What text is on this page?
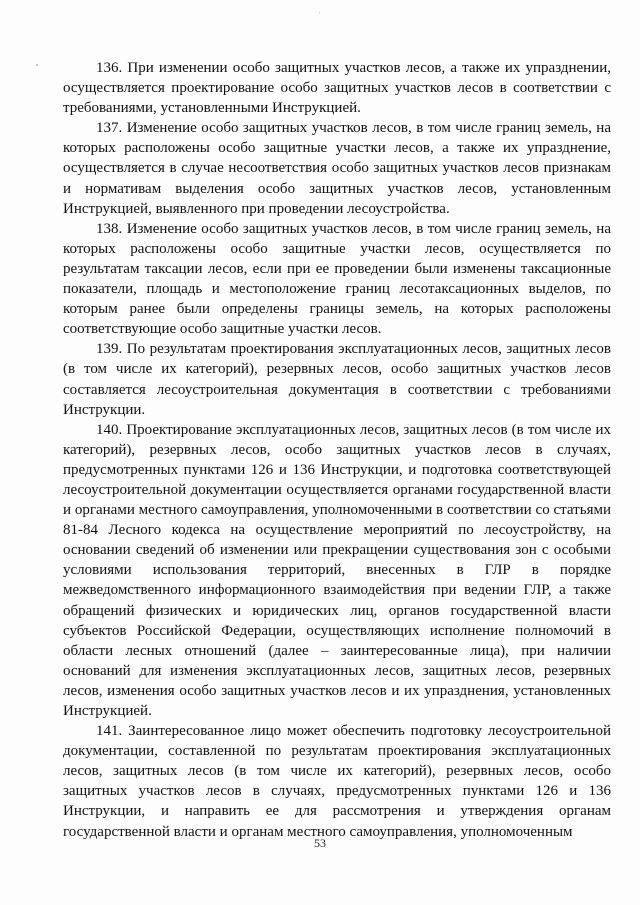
136. При изменении особо защитных участков лесов, а также их упразднении, осуществляется проектирование особо защитных участков лесов в соответствии с требованиями, установленными Инструкцией.

137. Изменение особо защитных участков лесов, в том числе границ земель, на которых расположены особо защитные участки лесов, а также их упразднение, осуществляется в случае несоответствия особо защитных участков лесов признакам и нормативам выделения особо защитных участков лесов, установленным Инструкцией, выявленного при проведении лесоустройства.

138. Изменение особо защитных участков лесов, в том числе границ земель, на которых расположены особо защитные участки лесов, осуществляется по результатам таксации лесов, если при ее проведении были изменены таксационные показатели, площадь и местоположение границ лесотаксационных выделов, по которым ранее были определены границы земель, на которых расположены соответствующие особо защитные участки лесов.

139. По результатам проектирования эксплуатационных лесов, защитных лесов (в том числе их категорий), резервных лесов, особо защитных участков лесов составляется лесоустроительная документация в соответствии с требованиями Инструкции.

140. Проектирование эксплуатационных лесов, защитных лесов (в том числе их категорий), резервных лесов, особо защитных участков лесов в случаях, предусмотренных пунктами 126 и 136 Инструкции, и подготовка соответствующей лесоустроительной документации осуществляется органами государственной власти и органами местного самоуправления, уполномоченными в соответствии со статьями 81-84 Лесного кодекса на осуществление мероприятий по лесоустройству, на основании сведений об изменении или прекращении существования зон с особыми условиями использования территорий, внесенных в ГЛР в порядке межведомственного информационного взаимодействия при ведении ГЛР, а также обращений физических и юридических лиц, органов государственной власти субъектов Российской Федерации, осуществляющих исполнение полномочий в области лесных отношений (далее – заинтересованные лица), при наличии оснований для изменения эксплуатационных лесов, защитных лесов, резервных лесов, изменения особо защитных участков лесов и их упразднения, установленных Инструкцией.

141. Заинтересованное лицо может обеспечить подготовку лесоустроительной документации, составленной по результатам проектирования эксплуатационных лесов, защитных лесов (в том числе их категорий), резервных лесов, особо защитных участков лесов в случаях, предусмотренных пунктами 126 и 136 Инструкции, и направить ее для рассмотрения и утверждения органам государственной власти и органам местного самоуправления, уполномоченным

53
